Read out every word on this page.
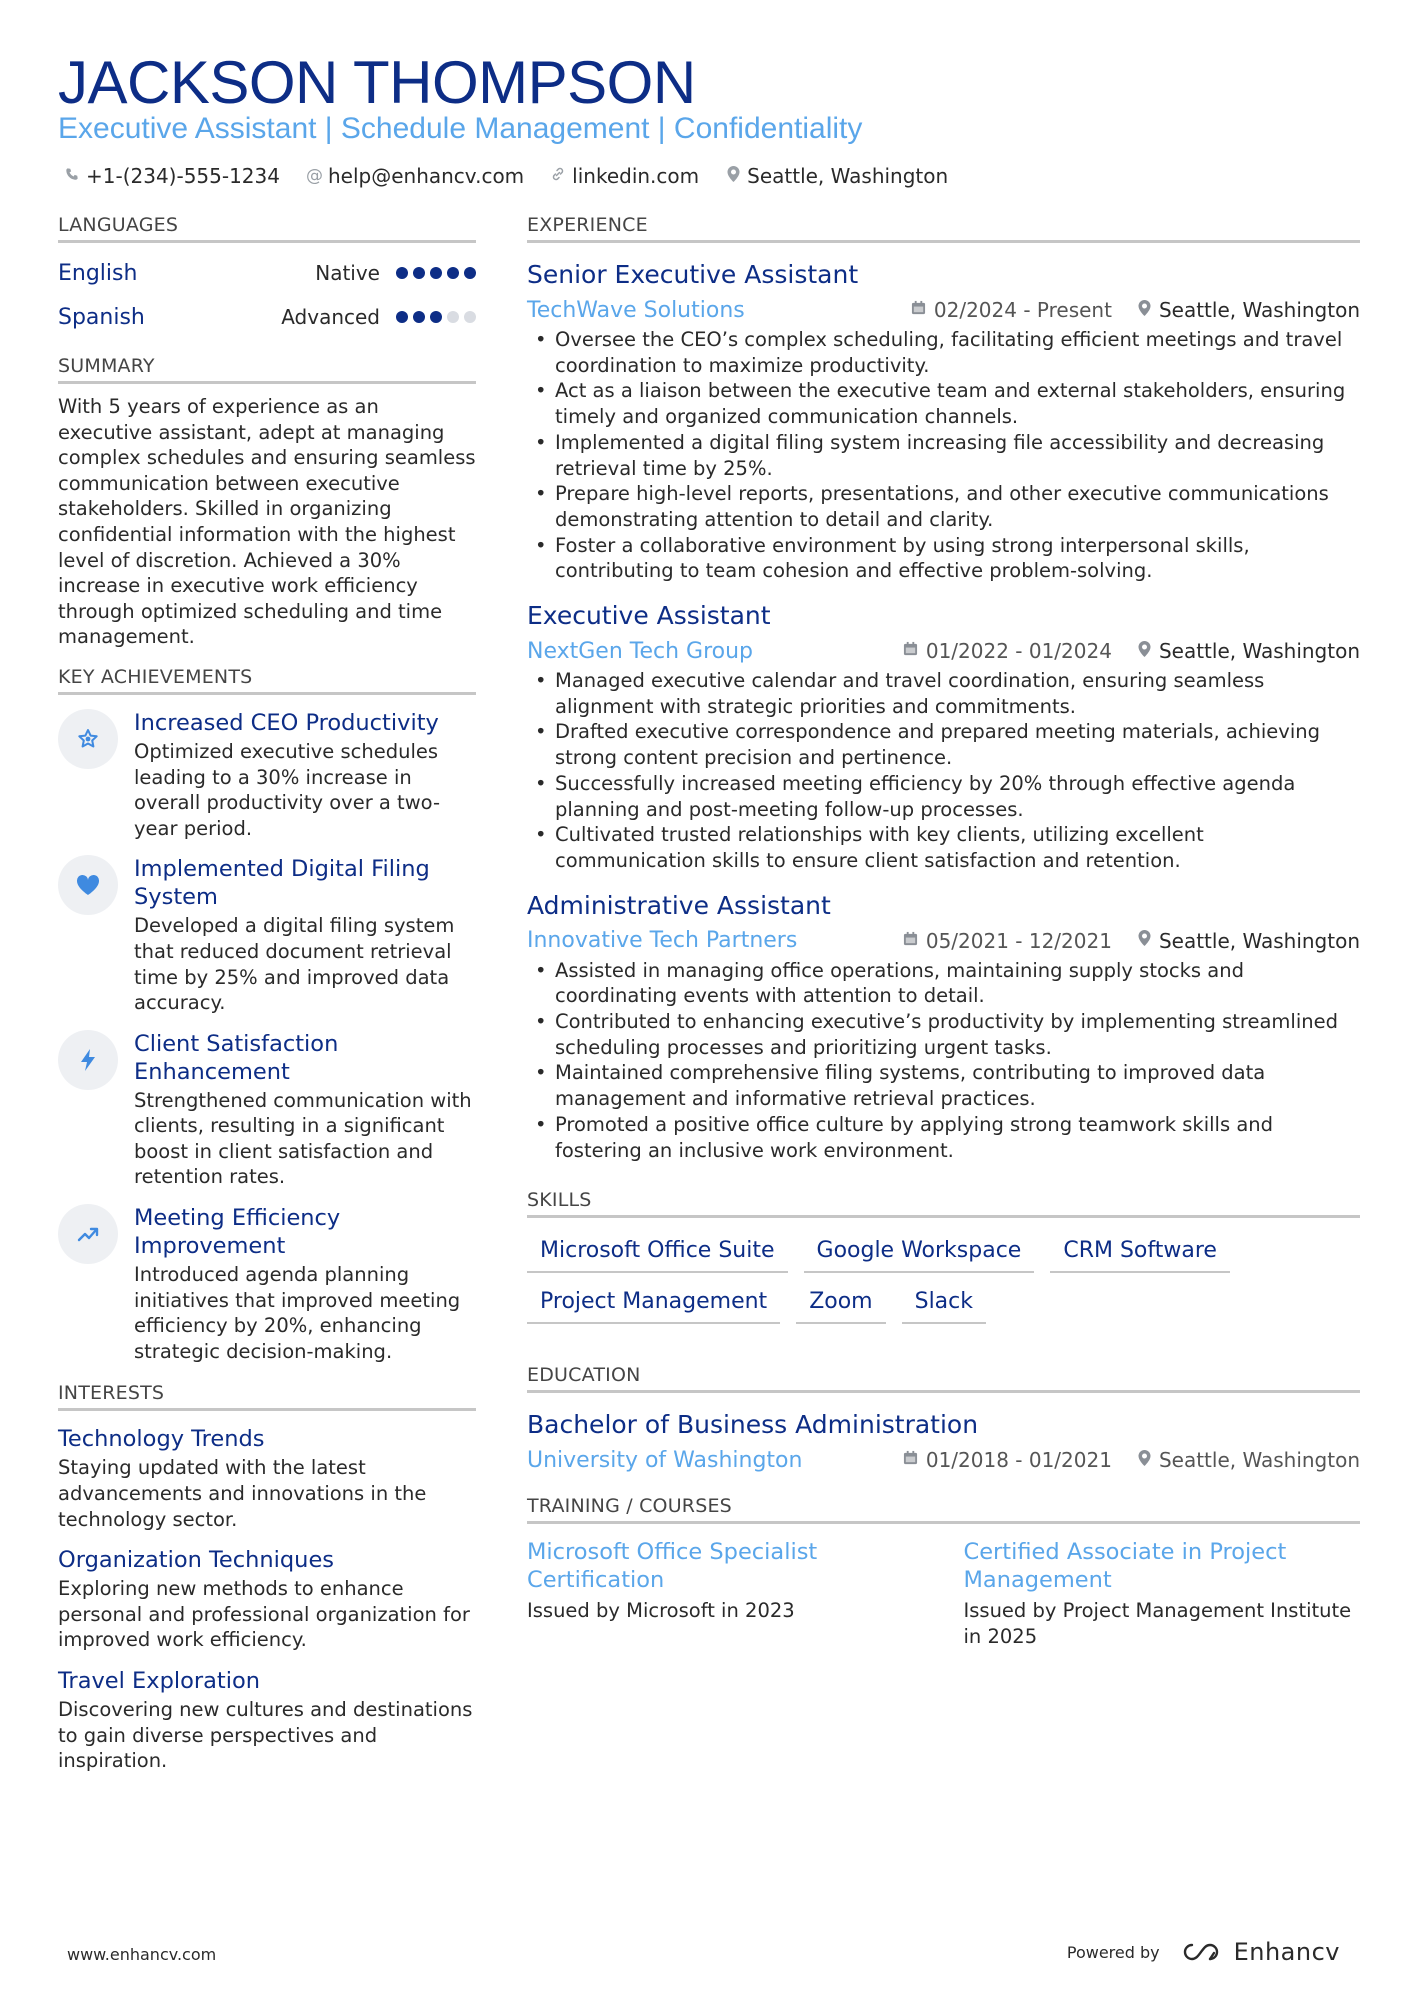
JACKSON THOMPSON
Executive Assistant | Schedule Management | Confidentiality
+1-(234)-555-1234 @ help@enhancv.com linkedin.com Seattle, Washington
LANGUAGES
English	Native
Spanish	Advanced
SUMMARY
With 5 years of experience as an executive assistant, adept at managing complex schedules and ensuring seamless communication between executive stakeholders. Skilled in organizing confidential information with the highest level of discretion. Achieved a 30% increase in executive work efficiency through optimized scheduling and time management.
KEY ACHIEVEMENTS
Increased CEO Productivity
Optimized executive schedules leading to a 30% increase in overall productivity over a two-year period.
Implemented Digital Filing System
Developed a digital filing system that reduced document retrieval time by 25% and improved data accuracy.
Client Satisfaction Enhancement
Strengthened communication with clients, resulting in a significant boost in client satisfaction and retention rates.
Meeting Efficiency Improvement
Introduced agenda planning initiatives that improved meeting efficiency by 20%, enhancing strategic decision-making.
INTERESTS
Technology Trends
Staying updated with the latest advancements and innovations in the technology sector.
Organization Techniques
Exploring new methods to enhance personal and professional organization for improved work efficiency.
Travel Exploration
Discovering new cultures and destinations to gain diverse perspectives and inspiration.
EXPERIENCE
Senior Executive Assistant
TechWave Solutions	02/2024 - Present Seattle, Washington
• Oversee the CEO’s complex scheduling, facilitating efficient meetings and travel coordination to maximize productivity.
• Act as a liaison between the executive team and external stakeholders, ensuring timely and organized communication channels.
• Implemented a digital filing system increasing file accessibility and decreasing retrieval time by 25%.
• Prepare high-level reports, presentations, and other executive communications demonstrating attention to detail and clarity.
• Foster a collaborative environment by using strong interpersonal skills, contributing to team cohesion and effective problem-solving.
Executive Assistant
NextGen Tech Group	01/2022 - 01/2024 Seattle, Washington
• Managed executive calendar and travel coordination, ensuring seamless alignment with strategic priorities and commitments.
• Drafted executive correspondence and prepared meeting materials, achieving strong content precision and pertinence.
• Successfully increased meeting efficiency by 20% through effective agenda planning and post-meeting follow-up processes.
• Cultivated trusted relationships with key clients, utilizing excellent communication skills to ensure client satisfaction and retention.
Administrative Assistant
Innovative Tech Partners	05/2021 - 12/2021 Seattle, Washington
• Assisted in managing office operations, maintaining supply stocks and coordinating events with attention to detail.
• Contributed to enhancing executive’s productivity by implementing streamlined scheduling processes and prioritizing urgent tasks.
• Maintained comprehensive filing systems, contributing to improved data management and informative retrieval practices.
• Promoted a positive office culture by applying strong teamwork skills and fostering an inclusive work environment.
SKILLS
Microsoft Office Suite	Google Workspace	CRM Software
Project Management	Zoom	Slack
EDUCATION
Bachelor of Business Administration
University of Washington	01/2018 - 01/2021 Seattle, Washington
TRAINING / COURSES
Microsoft Office Specialist Certification
Issued by Microsoft in 2023
Certified Associate in Project Management
Issued by Project Management Institute in 2025
www.enhancv.com	Powered by	Enhancv
